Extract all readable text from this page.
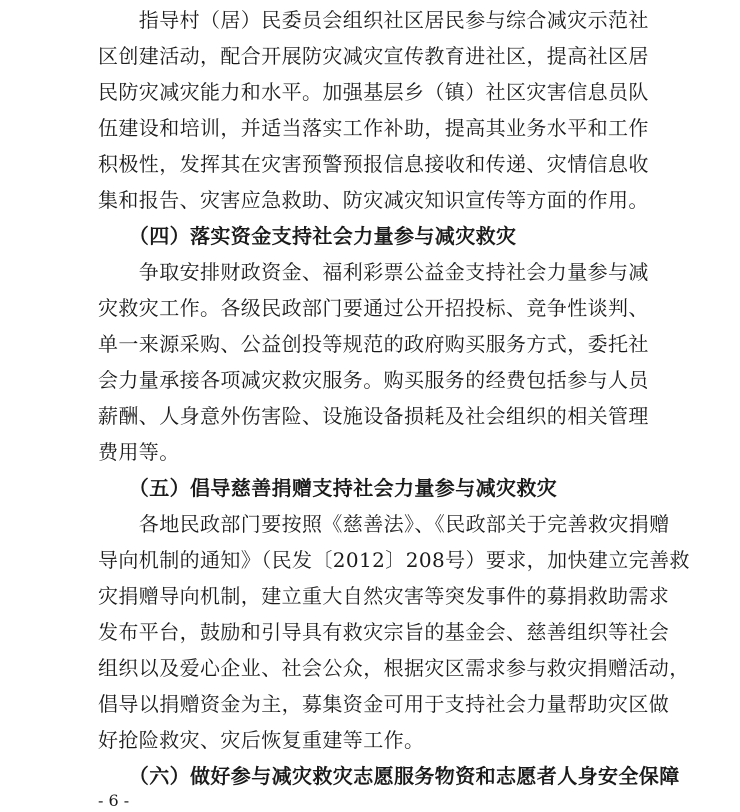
　　指导村（居）民委员会组织社区居民参与综合减灾示范社
区创建活动，配合开展防灾减灾宣传教育进社区，提高社区居
民防灾减灾能力和水平。加强基层乡（镇）社区灾害信息员队
伍建设和培训，并适当落实工作补助，提高其业务水平和工作
积极性，发挥其在灾害预警预报信息接收和传递、灾情信息收
集和报告、灾害应急救助、防灾减灾知识宣传等方面的作用。
　　（四）落实资金支持社会力量参与减灾救灾
　　争取安排财政资金、福利彩票公益金支持社会力量参与减
灾救灾工作。各级民政部门要通过公开招投标、竞争性谈判、
单一来源采购、公益创投等规范的政府购买服务方式，委托社
会力量承接各项减灾救灾服务。购买服务的经费包括参与人员
薪酬、人身意外伤害险、设施设备损耗及社会组织的相关管理
费用等。
　　（五）倡导慈善捐赠支持社会力量参与减灾救灾
　　各地民政部门要按照《慈善法》、《民政部关于完善救灾捐赠
导向机制的通知》（民发〔2012〕208号）要求，加快建立完善救
灾捐赠导向机制，建立重大自然灾害等突发事件的募捐救助需求
发布平台，鼓励和引导具有救灾宗旨的基金会、慈善组织等社会
组织以及爱心企业、社会公众，根据灾区需求参与救灾捐赠活动，
倡导以捐赠资金为主，募集资金可用于支持社会力量帮助灾区做
好抢险救灾、灾后恢复重建等工作。
　　（六）做好参与减灾救灾志愿服务物资和志愿者人身安全保障
- 6 -
